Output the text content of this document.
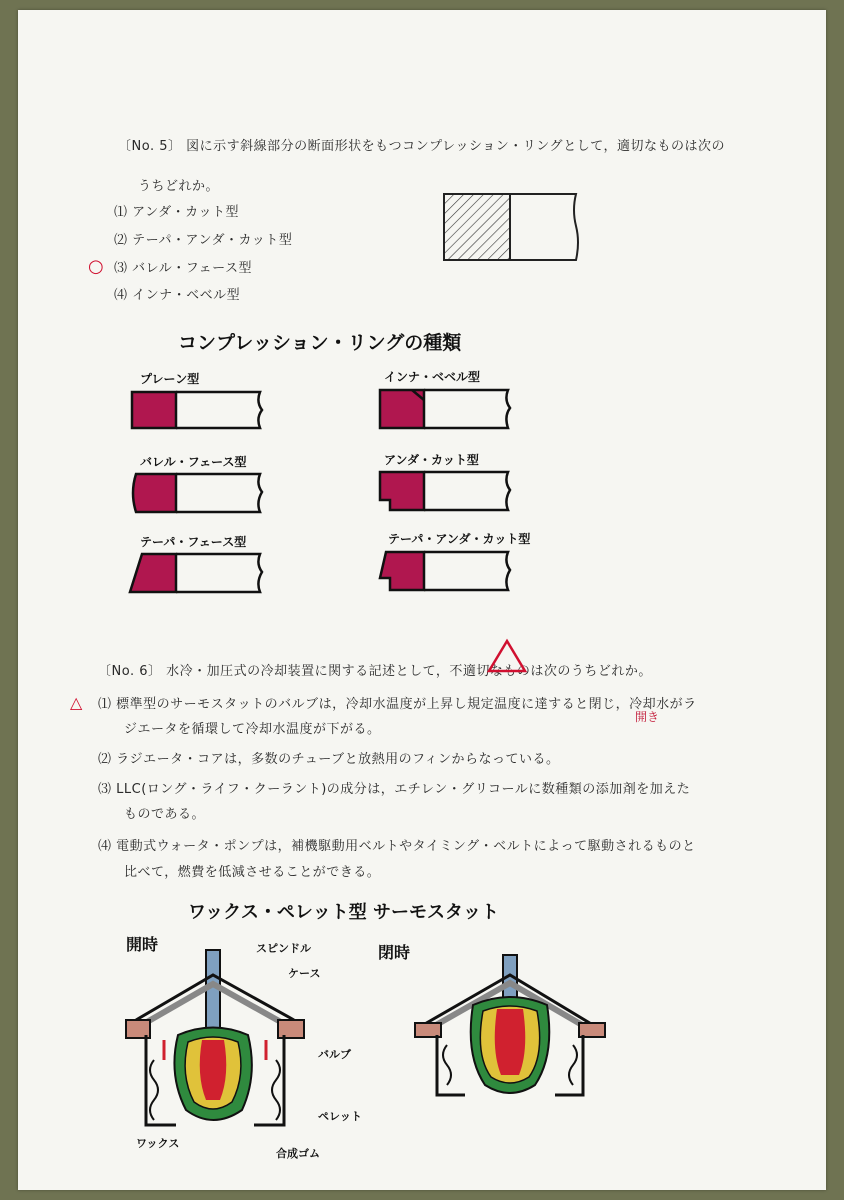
〔No. 5〕 図に示す斜線部分の断面形状をもつコンプレッション・リングとして，適切なものは次の
うちどれか。
⑴ アンダ・カット型
⑵ テーパ・アンダ・カット型
⑶ バレル・フェース型
⑷ インナ・ベベル型
○
コンプレッション・リングの種類
プレーン型	インナ・ベベル型
バレル・フェース型	アンダ・カット型
テーパ・フェース型	テーパ・アンダ・カット型
〔No. 6〕 水冷・加圧式の冷却装置に関する記述として，不適切なものは次のうちどれか。
△ ⑴ 標準型のサーモスタットのバルブは，冷却水温度が上昇し規定温度に達すると閉じ，冷却水がラ
ジエータを循環して冷却水温度が下がる。
開き
⑵ ラジエータ・コアは，多数のチューブと放熱用のフィンからなっている。
⑶ LLC(ロング・ライフ・クーラント)の成分は，エチレン・グリコールに数種類の添加剤を加えた
ものである。
⑷ 電動式ウォータ・ポンプは，補機駆動用ベルトやタイミング・ベルトによって駆動されるものと
比べて，燃費を低減させることができる。
ワックス・ペレット型 サーモスタット
開時	閉時
スピンドル
ケース
バルブ
ペレット
ワックス
合成ゴム
